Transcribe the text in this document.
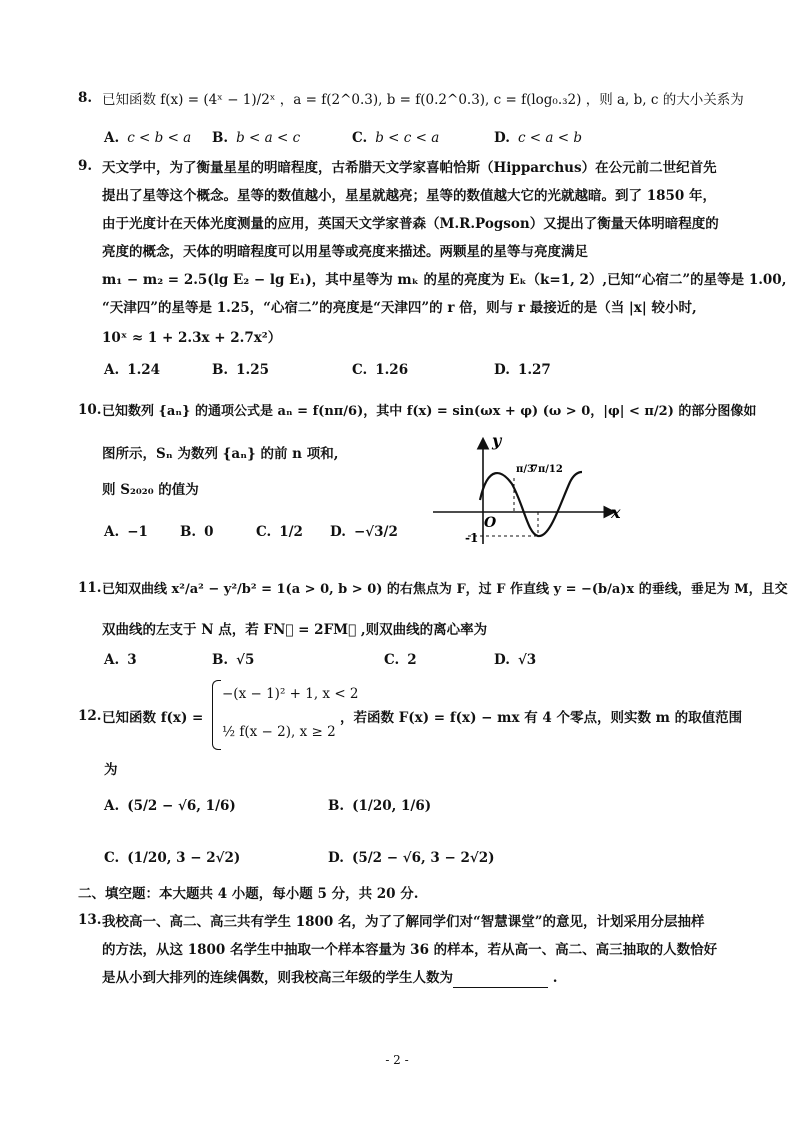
8. 已知函数 f(x) = (4ˣ − 1)/2ˣ ，a = f(2^0.3), b = f(0.2^0.3), c = f(log₀.₃2) ，则 a, b, c 的大小关系为
A. c < b < a B. b < a < c	C. b < c < a	D. c < a < b
9. 天文学中，为了衡量星星的明暗程度，古希腊天文学家喜帕恰斯（Hipparchus）在公元前二世纪首先
提出了星等这个概念。星等的数值越小，星星就越亮；星等的数值越大它的光就越暗。到了 1850 年，
由于光度计在天体光度测量的应用，英国天文学家普森（M.R.Pogson）又提出了衡量天体明暗程度的
亮度的概念，天体的明暗程度可以用星等或亮度来描述。两颗星的星等与亮度满足
m₁ − m₂ = 2.5(lg E₂ − lg E₁)，其中星等为 mₖ 的星的亮度为 Eₖ（k=1, 2）,已知“心宿二”的星等是 1.00,
“天津四”的星等是 1.25，“心宿二”的亮度是“天津四”的 r 倍，则与 r 最接近的是（当 |x| 较小时,
10ˣ ≈ 1 + 2.3x + 2.7x²）
A. 1.24	B. 1.25	C. 1.26	D. 1.27
10. 已知数列 {aₙ} 的通项公式是 aₙ = f(nπ/6)，其中 f(x) = sin(ωx + φ) (ω > 0，|φ| < π/2) 的部分图像如
图所示，Sₙ 为数列 {aₙ} 的前 n 项和,
则 S₂₀₂₀ 的值为
A. −1 B. 0	C. 1/2 D. −√3/2
y
x
O
π/3
7π/12
-1
11. 已知双曲线 x²/a² − y²/b² = 1(a > 0, b > 0) 的右焦点为 F，过 F 作直线 y = −(b/a)x 的垂线，垂足为 M，且交
双曲线的左支于 N 点，若 FN⃗ = 2FM⃗ ,则双曲线的离心率为
A. 3	B. √5	C. 2	D. √3
12. 已知函数 f(x) =
−(x − 1)² + 1, x < 2
½ f(x − 2), x ≥ 2
，若函数 F(x) = f(x) − mx 有 4 个零点，则实数 m 的取值范围
为
A. (5/2 − √6, 1/6)	B. (1/20, 1/6)
C. (1/20, 3 − 2√2)	D. (5/2 − √6, 3 − 2√2)
二、填空题：本大题共 4 小题，每小题 5 分，共 20 分.
13. 我校高一、高二、高三共有学生 1800 名，为了了解同学们对“智慧课堂”的意见，计划采用分层抽样
的方法，从这 1800 名学生中抽取一个样本容量为 36 的样本，若从高一、高二、高三抽取的人数恰好
是从小到大排列的连续偶数，则我校高三年级的学生人数为	.
- 2 -
